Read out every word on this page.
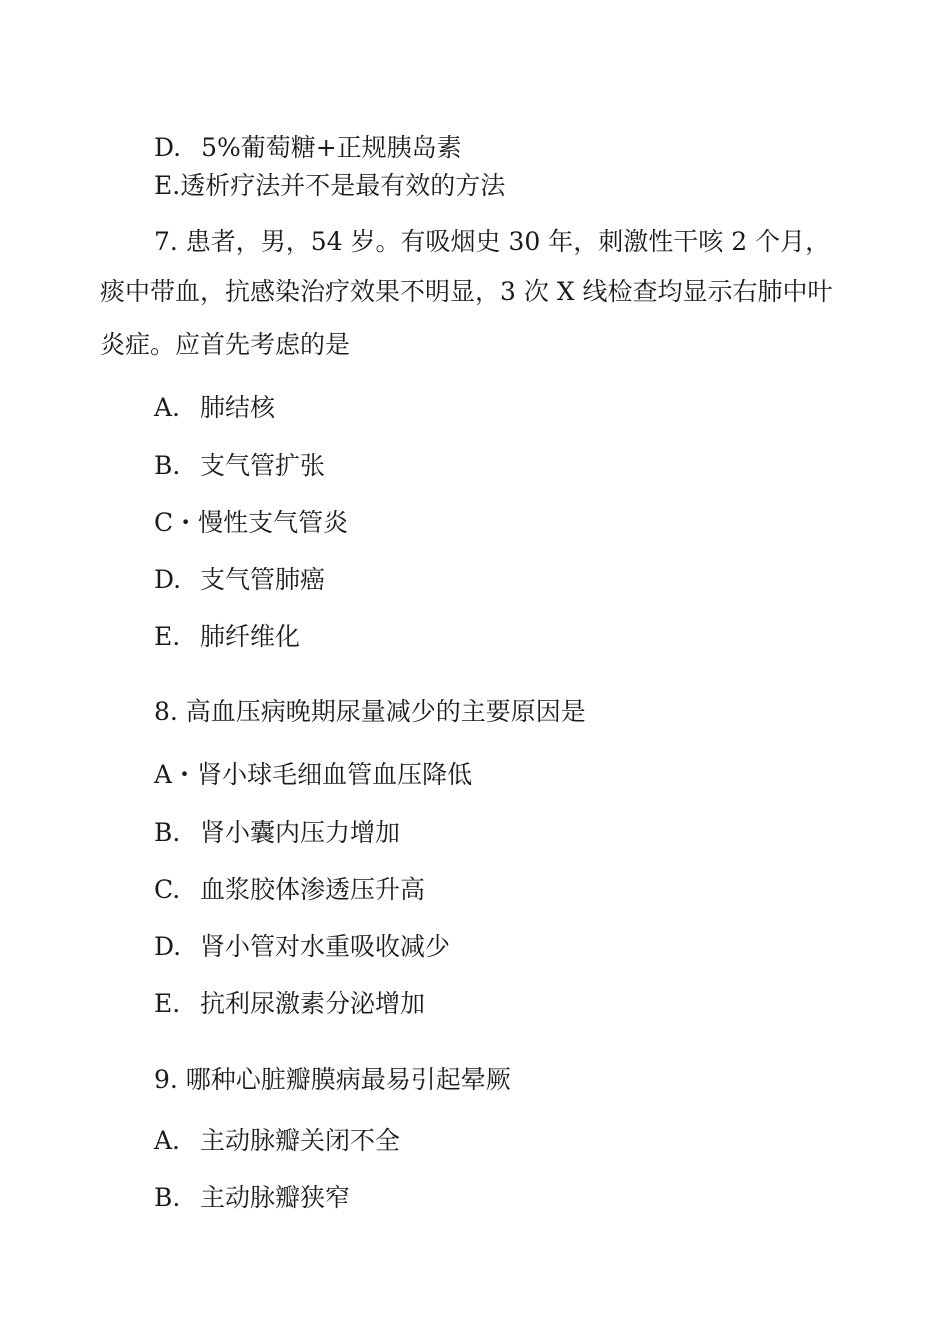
D. 5%葡萄糖+正规胰岛素
E.透析疗法并不是最有效的方法
7. 患者，男，54 岁。有吸烟史 30 年，刺激性干咳 2 个月，
痰中带血，抗感染治疗效果不明显，3 次 X 线检查均显示右肺中叶
炎症。应首先考虑的是
A. 肺结核
B. 支气管扩张
C・慢性支气管炎
D. 支气管肺癌
E. 肺纤维化
8. 高血压病晚期尿量减少的主要原因是
A・肾小球毛细血管血压降低
B. 肾小囊内压力增加
C. 血浆胶体渗透压升高
D. 肾小管对水重吸收减少
E. 抗利尿激素分泌增加
9. 哪种心脏瓣膜病最易引起晕厥
A. 主动脉瓣关闭不全
B. 主动脉瓣狭窄
